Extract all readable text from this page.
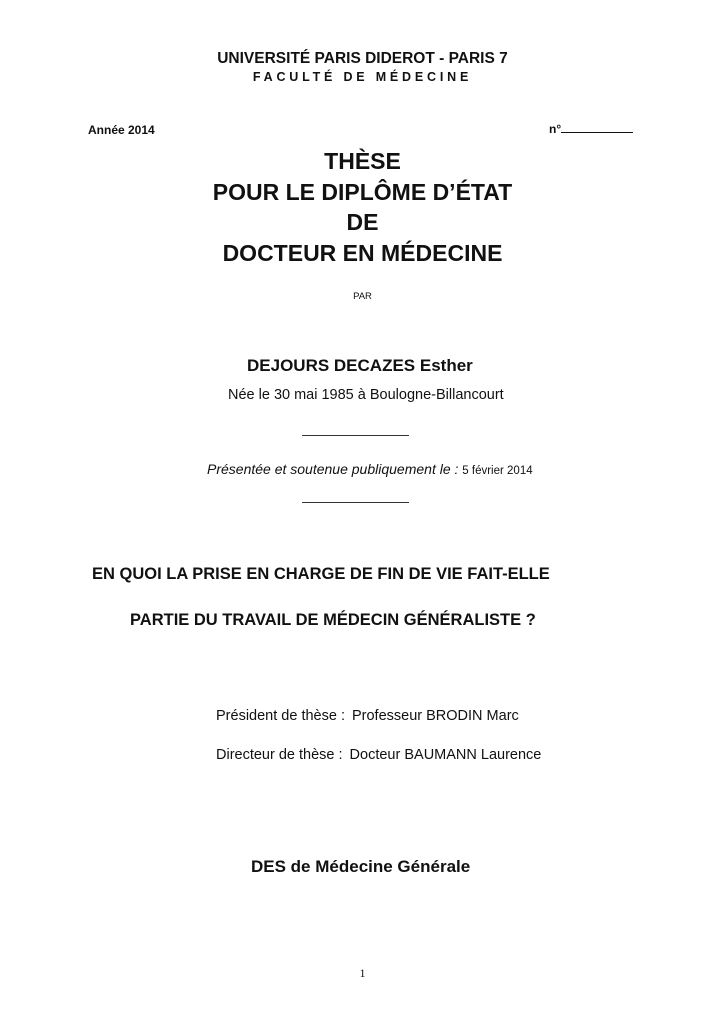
UNIVERSITÉ PARIS DIDEROT - PARIS 7
FACULTÉ DE MÉDECINE
Année 2014	n°
THÈSE
POUR LE DIPLÔME D’ÉTAT
DE
DOCTEUR EN MÉDECINE
PAR
DEJOURS DECAZES Esther
Née le 30 mai 1985 à Boulogne-Billancourt
Présentée et soutenue publiquement le : 5 février 2014
EN QUOI LA PRISE EN CHARGE DE FIN DE VIE FAIT-ELLE
PARTIE DU TRAVAIL DE MÉDECIN GÉNÉRALISTE ?
Président de thèse : Professeur BRODIN Marc
Directeur de thèse : Docteur BAUMANN Laurence
DES de Médecine Générale
1
